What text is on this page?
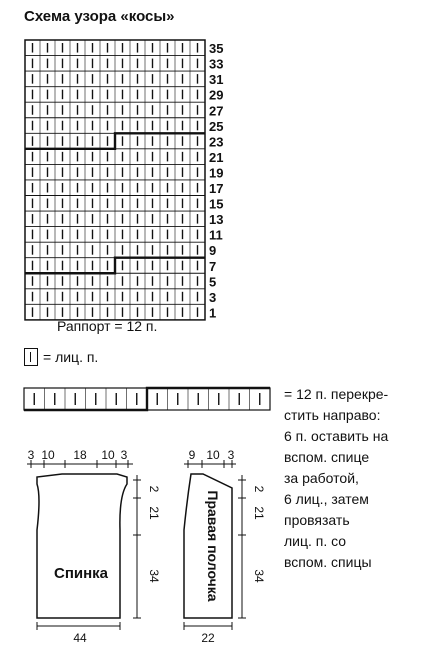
Схема узора «косы»
35
33
31
29
27
25
23
21
19
17
15
13
11
9
7
5
3
1
Раппорт = 12 п.
= лиц. п.
= 12 п. перекре-
стить направо:
6 п. оставить на
вспом. спице
за работой,
6 лиц., затем
провязать
лиц. п. со
вспом. спицы
3 10 18 10 3	9 10 3
44	22
2
21
34
2
21
34
Спинка	Правая полочка
